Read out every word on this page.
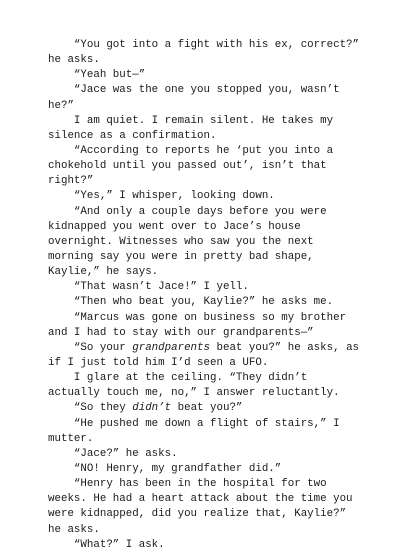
“You got into a fight with his ex, correct?”
he asks.
“Yeah but—”
“Jace was the one you stopped you, wasn’t
he?”
I am quiet. I remain silent. He takes my
silence as a confirmation.
“According to reports he ‘put you into a
chokehold until you passed out’, isn’t that
right?”
“Yes,” I whisper, looking down.
“And only a couple days before you were
kidnapped you went over to Jace’s house
overnight. Witnesses who saw you the next
morning say you were in pretty bad shape,
Kaylie,” he says.
“That wasn’t Jace!” I yell.
“Then who beat you, Kaylie?” he asks me.
“Marcus was gone on business so my brother
and I had to stay with our grandparents—”
“So your grandparents beat you?” he asks, as
if I just told him I’d seen a UFO.
I glare at the ceiling. “They didn’t
actually touch me, no,” I answer reluctantly.
“So they didn’t beat you?”
“He pushed me down a flight of stairs,” I
mutter.
“Jace?” he asks.
“NO! Henry, my grandfather did.”
“Henry has been in the hospital for two
weeks. He had a heart attack about the time you
were kidnapped, did you realize that, Kaylie?”
he asks.
“What?” I ask.
